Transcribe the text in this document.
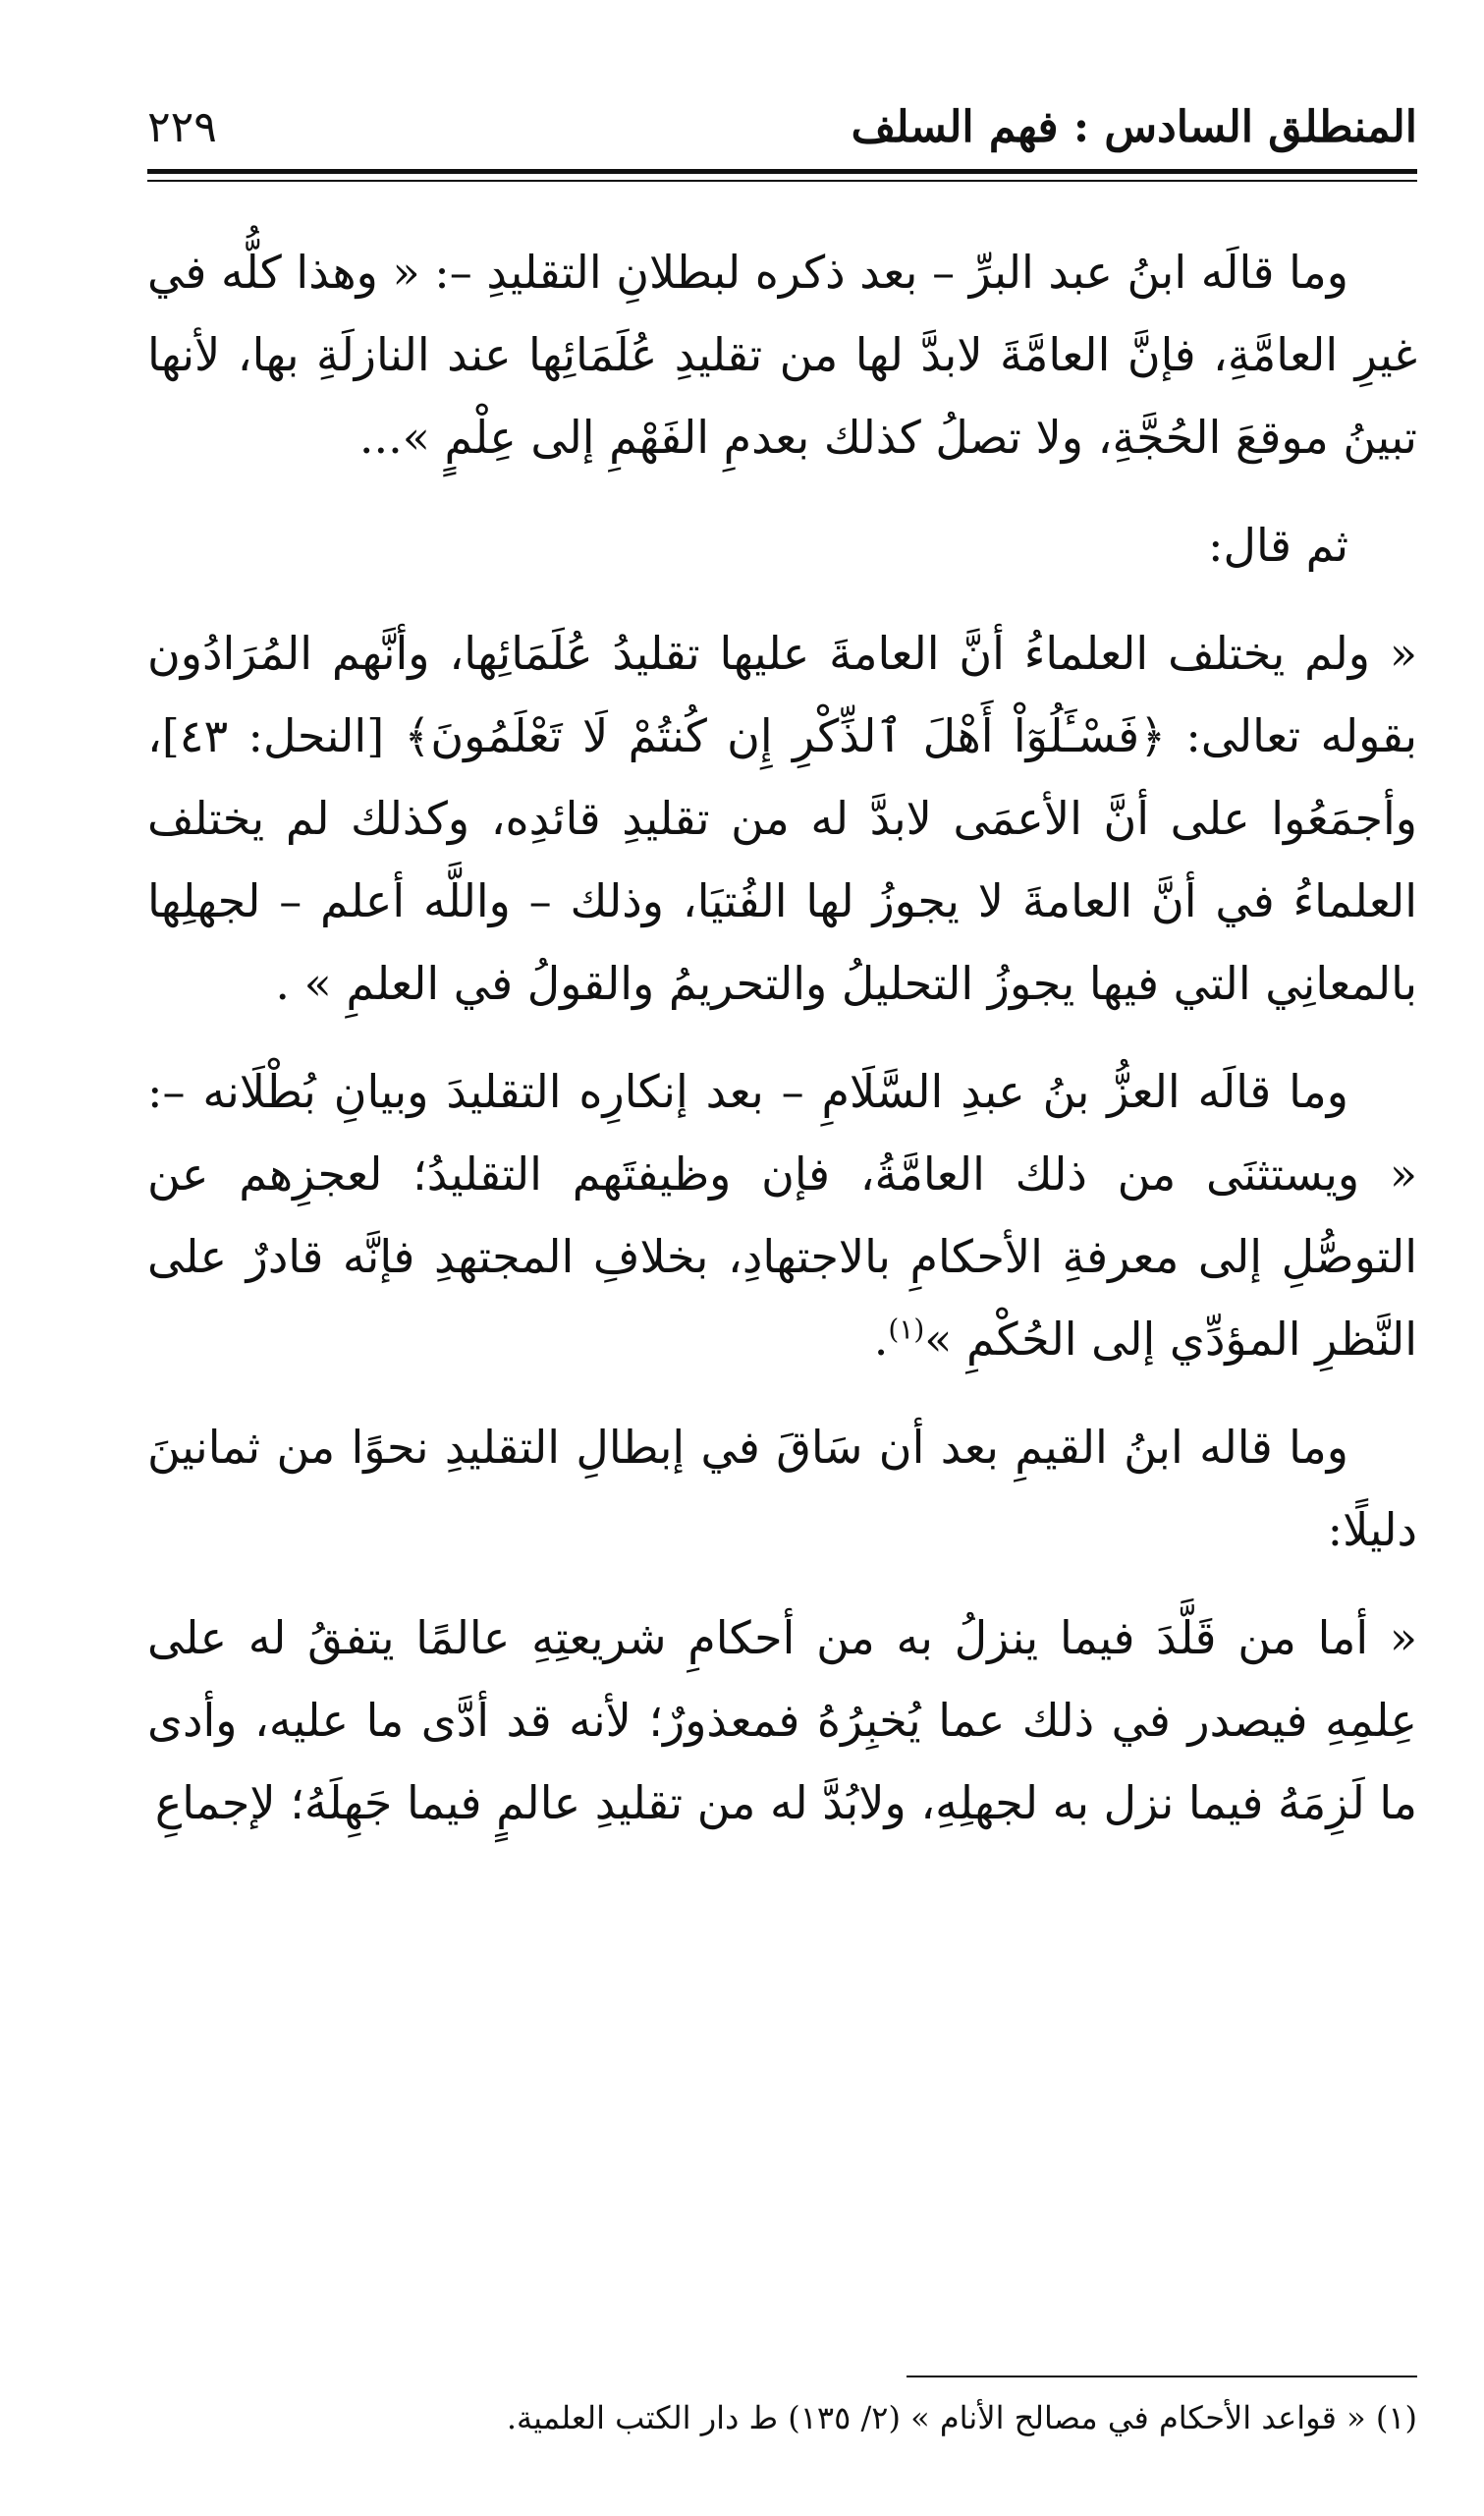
المنطلق السادس : فهم السلف
٢٢٩

وما قالَه ابنُ عبد البرِّ – بعد ذكره لبطلانِ التقليدِ –: « وهذا كلُّه في غيرِ العامَّةِ، فإنَّ العامَّةَ لابدَّ لها من تقليدِ عُلَمَائِها عند النازلَةِ بها، لأنها تبينُ موقعَ الحُجَّةِ، ولا تصلُ كذلك بعدمِ الفَهْمِ إلى عِلْمٍ »...

ثم قال:

« ولم يختلف العلماءُ أنَّ العامةَ عليها تقليدُ عُلَمَائِها، وأنَّهم المُرَادُون بقوله تعالى: ﴿فَسْـَٔلُوٓاْ أَهْلَ ٱلذِّكْرِ إِن كُنتُمْ لَا تَعْلَمُونَ﴾ [النحل: ٤٣]، وأجمَعُوا على أنَّ الأعمَى لابدَّ له من تقليدِ قائدِه، وكذلك لم يختلف العلماءُ في أنَّ العامةَ لا يجوزُ لها الفُتيَا، وذلك – واللَّه أعلم – لجهلِها بالمعانِي التي فيها يجوزُ التحليلُ والتحريمُ والقولُ في العلمِ » .

وما قالَه العزُّ بنُ عبدِ السَّلَامِ – بعد إنكارِه التقليدَ وبيانِ بُطْلَانه –: « ويستثنَى من ذلك العامَّةُ، فإن وظيفتَهم التقليدُ؛ لعجزِهم عن التوصُّلِ إلى معرفةِ الأحكامِ بالاجتهادِ، بخلافِ المجتهدِ فإنَّه قادرٌ على النَّظرِ المؤدِّي إلى الحُكْمِ »$^{(١)}$.

وما قاله ابنُ القيمِ بعد أن سَاقَ في إبطالِ التقليدِ نحوًا من ثمانينَ دليلًا:

« أما من قَلَّدَ فيما ينزلُ به من أحكامِ شريعتِهِ عالمًا يتفقُ له على عِلمِهِ فيصدر في ذلك عما يُخبِرُهُ فمعذورٌ؛ لأنه قد أدَّى ما عليه، وأدى ما لَزِمَهُ فيما نزل به لجهلِهِ، ولابُدَّ له من تقليدِ عالمٍ فيما جَهِلَهُ؛ لإجماعِ

(١) « قواعد الأحكام في مصالح الأنام » (٢/ ١٣٥) ط دار الكتب العلمية.
